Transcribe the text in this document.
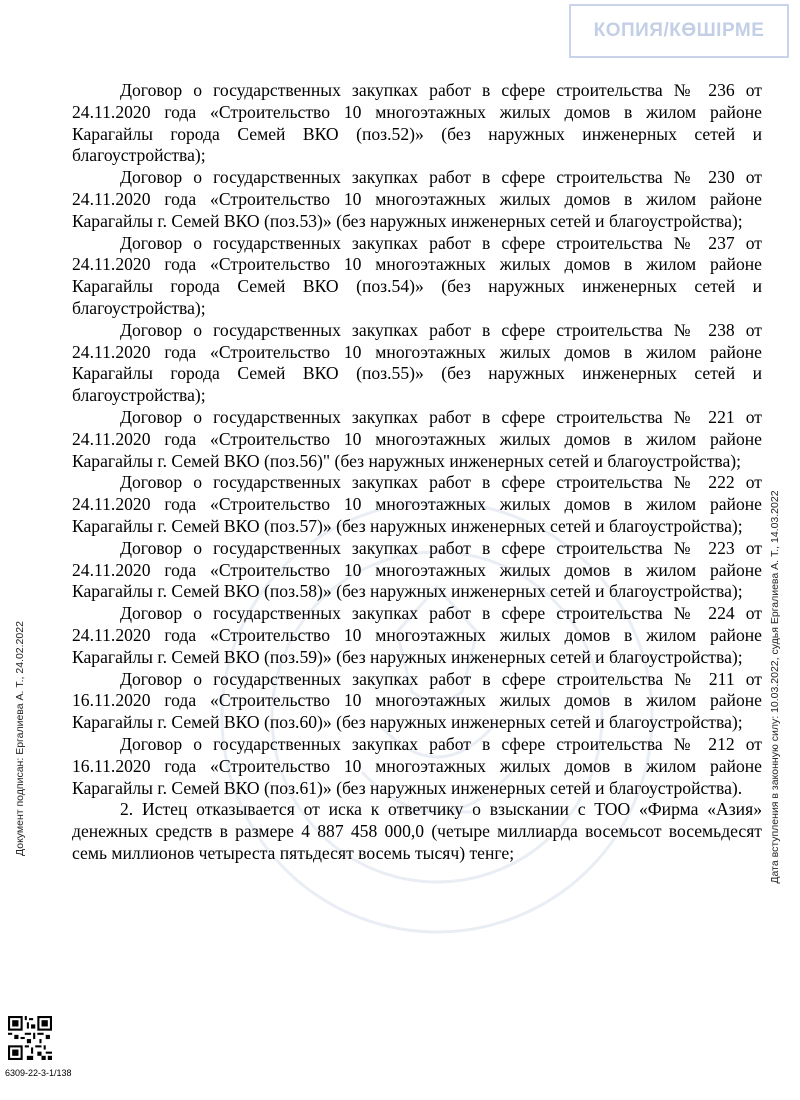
КОПИЯ/КӨШІРМЕ

Договор о государственных закупках работ в сфере строительства № 236 от 24.11.2020 года «Строительство 10 многоэтажных жилых домов в жилом районе Карагайлы города Семей ВКО (поз.52)» (без наружных инженерных сетей и благоустройства);

Договор о государственных закупках работ в сфере строительства № 230 от 24.11.2020 года «Строительство 10 многоэтажных жилых домов в жилом районе Карагайлы г. Семей ВКО (поз.53)» (без наружных инженерных сетей и благоустройства);

Договор о государственных закупках работ в сфере строительства № 237 от 24.11.2020 года «Строительство 10 многоэтажных жилых домов в жилом районе Карагайлы города Семей ВКО (поз.54)» (без наружных инженерных сетей и благоустройства);

Договор о государственных закупках работ в сфере строительства № 238 от 24.11.2020 года «Строительство 10 многоэтажных жилых домов в жилом районе Карагайлы города Семей ВКО (поз.55)» (без наружных инженерных сетей и благоустройства);

Договор о государственных закупках работ в сфере строительства № 221 от 24.11.2020 года «Строительство 10 многоэтажных жилых домов в жилом районе Карагайлы г. Семей ВКО (поз.56)" (без наружных инженерных сетей и благоустройства);

Договор о государственных закупках работ в сфере строительства № 222 от 24.11.2020 года «Строительство 10 многоэтажных жилых домов в жилом районе Карагайлы г. Семей ВКО (поз.57)» (без наружных инженерных сетей и благоустройства);

Договор о государственных закупках работ в сфере строительства № 223 от 24.11.2020 года «Строительство 10 многоэтажных жилых домов в жилом районе Карагайлы г. Семей ВКО (поз.58)» (без наружных инженерных сетей и благоустройства);

Договор о государственных закупках работ в сфере строительства № 224 от 24.11.2020 года «Строительство 10 многоэтажных жилых домов в жилом районе Карагайлы г. Семей ВКО (поз.59)» (без наружных инженерных сетей и благоустройства);

Договор о государственных закупках работ в сфере строительства № 211 от 16.11.2020 года «Строительство 10 многоэтажных жилых домов в жилом районе Карагайлы г. Семей ВКО (поз.60)» (без наружных инженерных сетей и благоустройства);

Договор о государственных закупках работ в сфере строительства № 212 от 16.11.2020 года «Строительство 10 многоэтажных жилых домов в жилом районе Карагайлы г. Семей ВКО (поз.61)» (без наружных инженерных сетей и благоустройства).

2. Истец отказывается от иска к ответчику о взыскании с ТОО «Фирма «Азия» денежных средств в размере 4 887 458 000,0 (четыре миллиарда восемьсот восемьдесят семь миллионов четыреста пятьдесят восемь тысяч) тенге;

Документ подписан: Ергалиева А. Т., 24.02.2022	Дата вступления в законную силу: 10.03.2022, судья Ергалиева А. Т., 14.03.2022
6309-22-3-1/138
